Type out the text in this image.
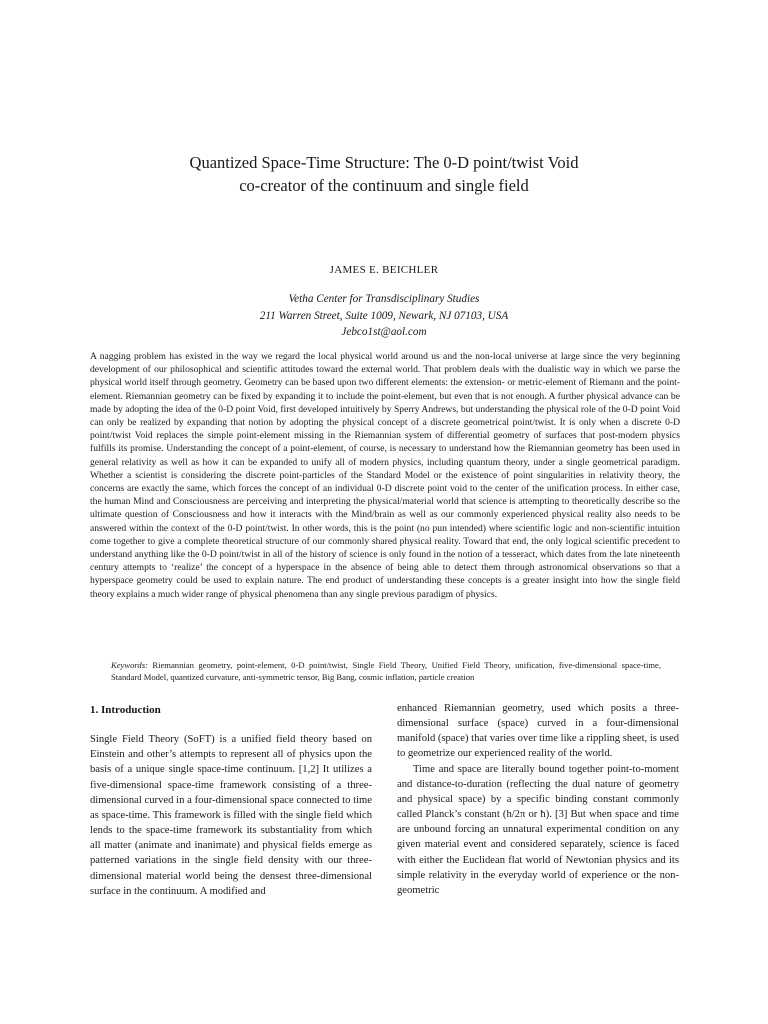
Quantized Space-Time Structure: The 0-D point/twist Void
co-creator of the continuum and single field
JAMES E. BEICHLER
Vetha Center for Transdisciplinary Studies
211 Warren Street, Suite 1009, Newark, NJ 07103, USA
Jebco1st@aol.com

A nagging problem has existed in the way we regard the local physical world around us and the non-local universe at large since the very beginning development of our philosophical and scientific attitudes toward the external world. That problem deals with the dualistic way in which we parse the physical world itself through geometry. Geometry can be based upon two different elements: the extension- or metric-element of Riemann and the point-element. Riemannian geometry can be fixed by expanding it to include the point-element, but even that is not enough. A further physical advance can be made by adopting the idea of the 0-D point Void, first developed intuitively by Sperry Andrews, but understanding the physical role of the 0-D point Void can only be realized by expanding that notion by adopting the physical concept of a discrete geometrical point/twist. It is only when a discrete 0-D point/twist Void replaces the simple point-element missing in the Riemannian system of differential geometry of surfaces that post-modern physics fulfills its promise. Understanding the concept of a point-element, of course, is necessary to understand how the Riemannian geometry has been used in general relativity as well as how it can be expanded to unify all of modern physics, including quantum theory, under a single geometrical paradigm. Whether a scientist is considering the discrete point-particles of the Standard Model or the existence of point singularities in relativity theory, the concerns are exactly the same, which forces the concept of an individual 0-D discrete point void to the center of the unification process. In either case, the human Mind and Consciousness are perceiving and interpreting the physical/material world that science is attempting to theoretically describe so the ultimate question of Consciousness and how it interacts with the Mind/brain as well as our commonly experienced physical reality also needs to be answered within the context of the 0-D point/twist. In other words, this is the point (no pun intended) where scientific logic and non-scientific intuition come together to give a complete theoretical structure of our commonly shared physical reality. Toward that end, the only logical scientific precedent to understand anything like the 0-D point/twist in all of the history of science is only found in the notion of a tesseract, which dates from the late nineteenth century attempts to ‘realize’ the concept of a hyperspace in the absence of being able to detect them through astronomical observations so that a hyperspace geometry could be used to explain nature. The end product of understanding these concepts is a greater insight into how the single field theory explains a much wider range of physical phenomena than any single previous paradigm of physics.

Keywords: Riemannian geometry, point-element, 0-D point/twist, Single Field Theory, Unified Field Theory, unification, five-dimensional space-time, Standard Model, quantized curvature, anti-symmetric tensor, Big Bang, cosmic inflation, particle creation

1. Introduction

Single Field Theory (SoFT) is a unified field theory based on Einstein and other’s attempts to represent all of physics upon the basis of a unique single space-time continuum. [1,2] It utilizes a five-dimensional space-time framework consisting of a three-dimensional curved in a four-dimensional space connected to time as space-time. This framework is filled with the single field which lends to the space-time framework its substantiality from which all matter (animate and inanimate) and physical fields emerge as patterned variations in the single field density with our three-dimensional material world being the densest three-dimensional surface in the continuum. A modified and

enhanced Riemannian geometry, used which posits a three-dimensional surface (space) curved in a four-dimensional manifold (space) that varies over time like a rippling sheet, is used to geometrize our experienced reality of the world.

Time and space are literally bound together point-to-moment and distance-to-duration (reflecting the dual nature of geometry and physical space) by a specific binding constant commonly called Planck’s constant (h/2π or ħ). [3] But when space and time are unbound forcing an unnatural experimental condition on any given material event and considered separately, science is faced with either the Euclidean flat world of Newtonian physics and its simple relativity in the everyday world of experience or the non-geometric
